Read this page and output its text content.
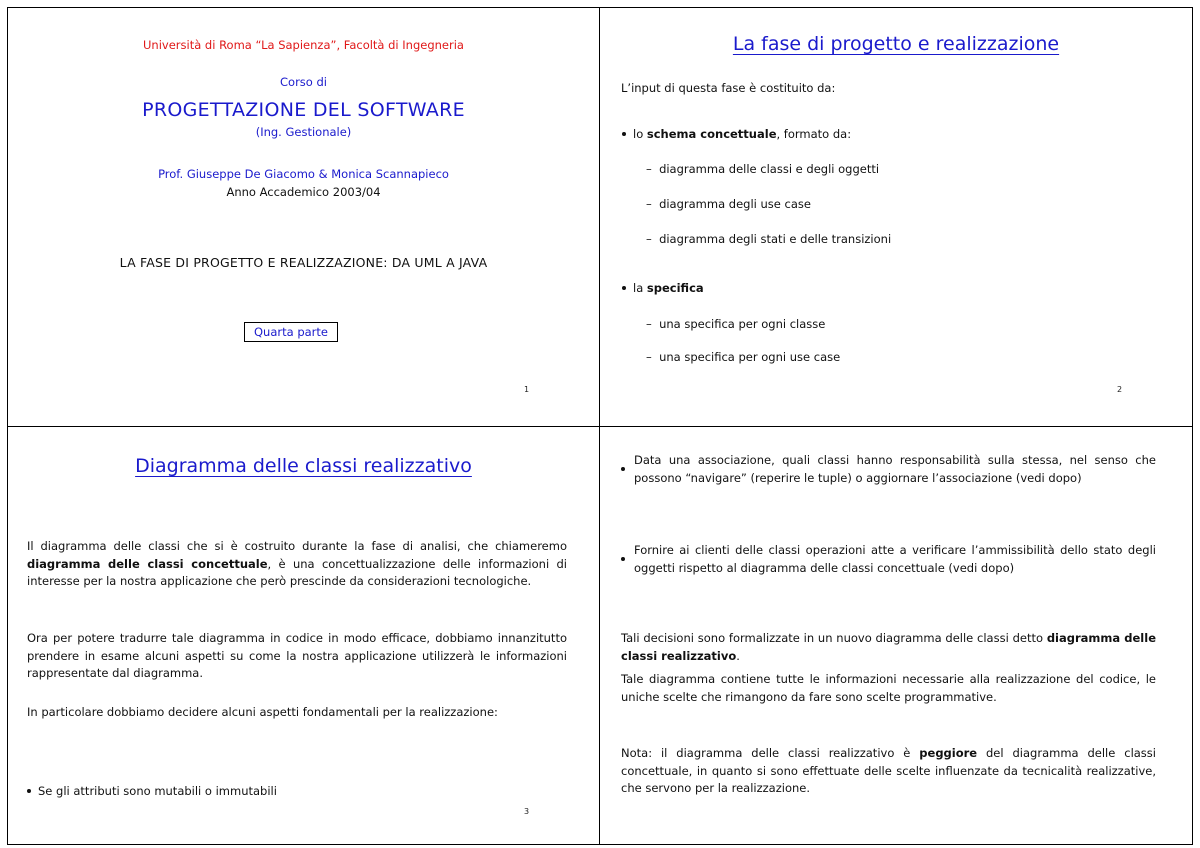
Università di Roma “La Sapienza”, Facoltà di Ingegneria
Corso di
PROGETTAZIONE DEL SOFTWARE
(Ing. Gestionale)
Prof. Giuseppe De Giacomo & Monica Scannapieco
Anno Accademico 2003/04
LA FASE DI PROGETTO E REALIZZAZIONE: DA UML A JAVA
Quarta parte
1
La fase di progetto e realizzazione
L’input di questa fase è costituito da:
lo schema concettuale, formato da:
–  diagramma delle classi e degli oggetti
–  diagramma degli use case
–  diagramma degli stati e delle transizioni
la specifica
–  una specifica per ogni classe
–  una specifica per ogni use case
2
Diagramma delle classi realizzativo
Il diagramma delle classi che si è costruito durante la fase di analisi, che chiameremo diagramma delle classi concettuale, è una concettualizzazione delle informazioni di interesse per la nostra applicazione che però prescinde da considerazioni tecnologiche.
Ora per potere tradurre tale diagramma in codice in modo efficace, dobbiamo innanzitutto prendere in esame alcuni aspetti su come la nostra applicazione utilizzerà le informazioni rappresentate dal diagramma.
In particolare dobbiamo decidere alcuni aspetti fondamentali per la realizzazione:
Se gli attributi sono mutabili o immutabili
3
Data una associazione, quali classi hanno responsabilità sulla stessa, nel senso che possono “navigare” (reperire le tuple) o aggiornare l’associazione (vedi dopo)
Fornire ai clienti delle classi operazioni atte a verificare l’ammissibilità dello stato degli oggetti rispetto al diagramma delle classi concettuale (vedi dopo)
Tali decisioni sono formalizzate in un nuovo diagramma delle classi detto diagramma delle classi realizzativo.
Tale diagramma contiene tutte le informazioni necessarie alla realizzazione del codice, le uniche scelte che rimangono da fare sono scelte programmative.
Nota: il diagramma delle classi realizzativo è peggiore del diagramma delle classi concettuale, in quanto si sono effettuate delle scelte influenzate da tecnicalità realizzative, che servono per la realizzazione.
